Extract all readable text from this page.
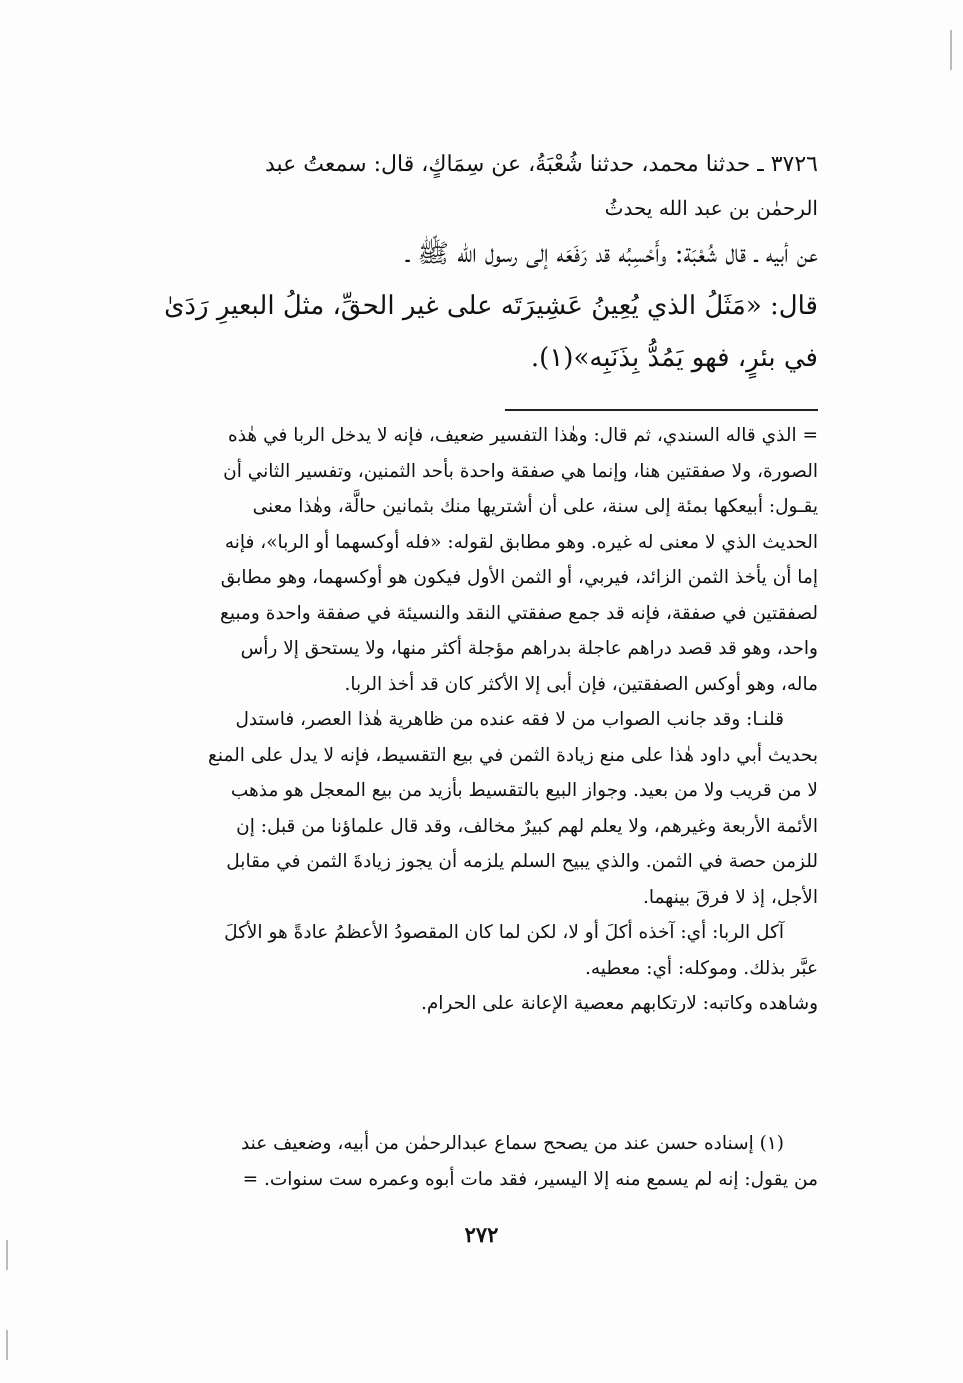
٣٧٢٦ ـ حدثنا محمد، حدثنا شُعْبَةُ، عن سِمَاكٍ، قال: سمعتُ عبد

الرحمٰن بن عبد الله يحدثُ

عن أبيه ـ قال شُعْبَة: وأَحْسِبُه قد رَفَعَه إلى رسول الله ﷺ ـ

قال: «مَثَلُ الذي يُعِينُ عَشِيرَتَه على غير الحقِّ، مثلُ البعيرِ رَدَىٰ

في بئرٍ، فهو يَمُدُّ بِذَنَبِه»(١).

= الذي قاله السندي، ثم قال: وهٰذا التفسير ضعيف، فإنه لا يدخل الربا في هٰذه
الصورة، ولا صفقتين هنا، وإنما هي صفقة واحدة بأحد الثمنين، وتفسير الثاني أن
يقـول: أبيعكها بمئة إلى سنة، على أن أشتريها منك بثمانين حالَّة، وهٰذا معنى
الحديث الذي لا معنى له غيره. وهو مطابق لقوله: «فله أوكسهما أو الربا»، فإنه
إما أن يأخذ الثمن الزائد، فيربي، أو الثمن الأول فيكون هو أوكسهما، وهو مطابق
لصفقتين في صفقة، فإنه قد جمع صفقتي النقد والنسيئة في صفقة واحدة ومبيع
واحد، وهو قد قصد دراهم عاجلة بدراهم مؤجلة أكثر منها، ولا يستحق إلا رأس
ماله، وهو أوكس الصفقتين، فإن أبى إلا الأكثر كان قد أخذ الربا.
قلنـا: وقد جانب الصواب من لا فقه عنده من ظاهرية هٰذا العصر، فاستدل
بحديث أبي داود هٰذا على منع زيادة الثمن في بيع التقسيط، فإنه لا يدل على المنع
لا من قريب ولا من بعيد. وجواز البيع بالتقسيط بأزيد من بيع المعجل هو مذهب
الأئمة الأربعة وغيرهم، ولا يعلم لهم كبيرٌ مخالف، وقد قال علماؤنا من قبل: إن
للزمن حصة في الثمن. والذي يبيح السلم يلزمه أن يجوز زيادةَ الثمن في مقابل
الأجل، إذ لا فرقَ بينهما.
آكل الربا: أي: آخذه أكلَ أو لا، لكن لما كان المقصودُ الأعظمُ عادةً هو الأكلَ
عبَّر بذلك. وموكله: أي: معطيه.
وشاهده وكاتبه: لارتكابهم معصية الإعانة على الحرام.
(١) إسناده حسن عند من يصحح سماع عبدالرحمٰن من أبيه، وضعيف عند
من يقول: إنه لم يسمع منه إلا اليسير، فقد مات أبوه وعمره ست سنوات. =
٢٧٢
